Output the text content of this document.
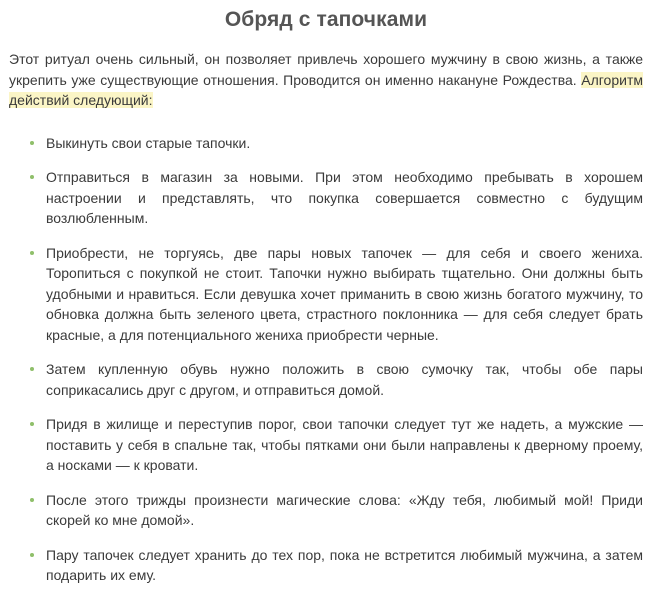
Обряд с тапочками

Этот ритуал очень сильный, он позволяет привлечь хорошего мужчину в свою жизнь, а также укрепить уже существующие отношения. Проводится он именно накануне Рождества. Алгоритм действий следующий:

Выкинуть свои старые тапочки.
Отправиться в магазин за новыми. При этом необходимо пребывать в хорошем настроении и представлять, что покупка совершается совместно с будущим возлюбленным.
Приобрести, не торгуясь, две пары новых тапочек — для себя и своего жениха. Торопиться с покупкой не стоит. Тапочки нужно выбирать тщательно. Они должны быть удобными и нравиться. Если девушка хочет приманить в свою жизнь богатого мужчину, то обновка должна быть зеленого цвета, страстного поклонника — для себя следует брать красные, а для потенциального жениха приобрести черные.
Затем купленную обувь нужно положить в свою сумочку так, чтобы обе пары соприкасались друг с другом, и отправиться домой.
Придя в жилище и переступив порог, свои тапочки следует тут же надеть, а мужские — поставить у себя в спальне так, чтобы пятками они были направлены к дверному проему, а носками — к кровати.
После этого трижды произнести магические слова: «Жду тебя, любимый мой! Приди скорей ко мне домой».
Пару тапочек следует хранить до тех пор, пока не встретится любимый мужчина, а затем подарить их ему.
